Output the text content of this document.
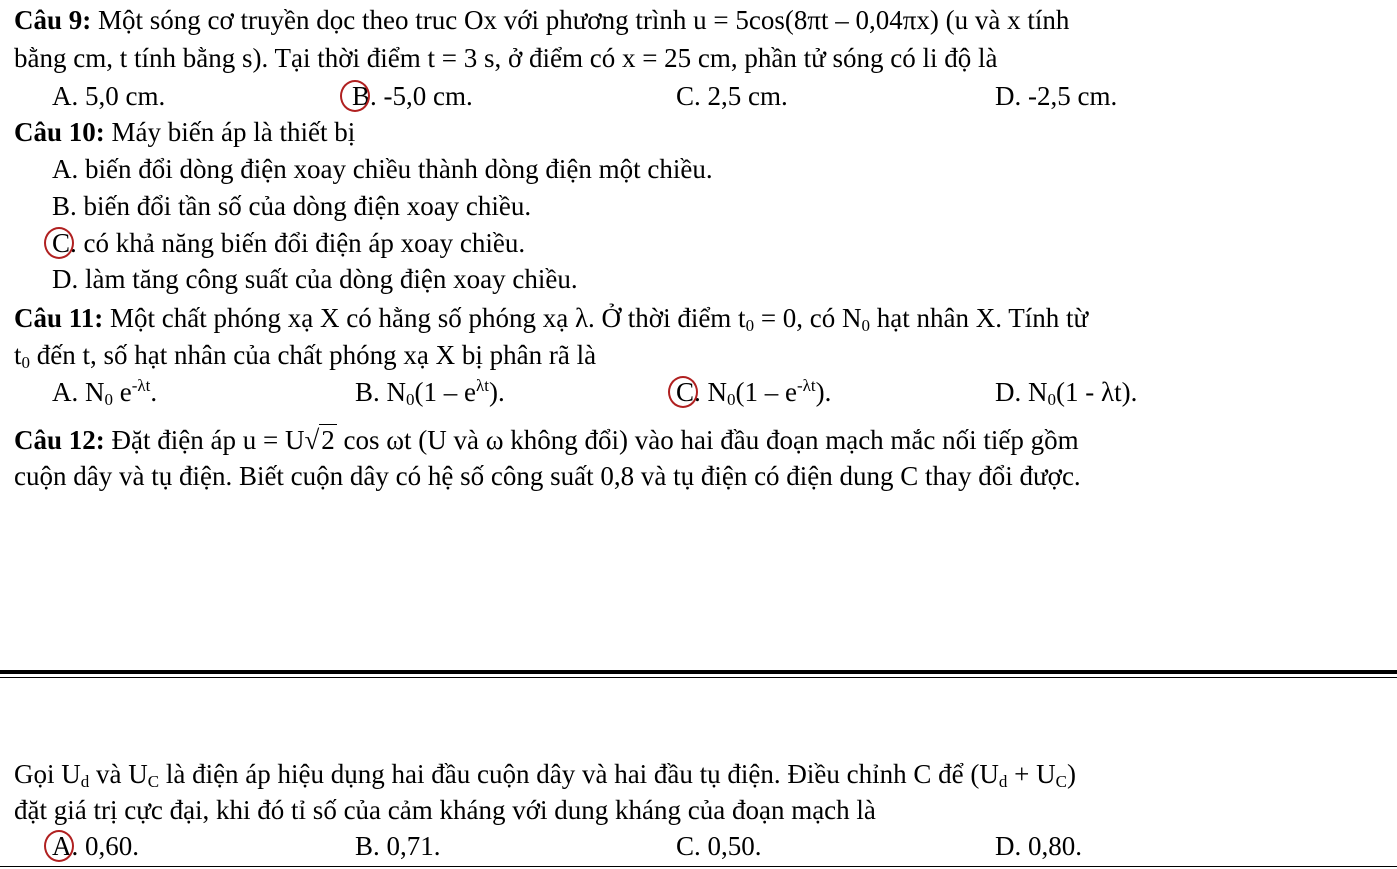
Câu 9: Một sóng cơ truyền dọc theo truc Ox với phương trình u = 5cos(8πt – 0,04πx) (u và x tính
bằng cm, t tính bằng s). Tại thời điểm t = 3 s, ở điểm có x = 25 cm, phần tử sóng có li độ là
A. 5,0 cm.	B. -5,0 cm.	C. 2,5 cm.	D. -2,5 cm.
Câu 10: Máy biến áp là thiết bị
A. biến đổi dòng điện xoay chiều thành dòng điện một chiều.
B. biến đổi tần số của dòng điện xoay chiều.
C. có khả năng biến đổi điện áp xoay chiều.
D. làm tăng công suất của dòng điện xoay chiều.
Câu 11: Một chất phóng xạ X có hằng số phóng xạ λ. Ở thời điểm $t_0 = 0$, có $N_0$ hạt nhân X. Tính từ
$t_0$ đến t, số hạt nhân của chất phóng xạ X bị phân rã là
A. $N_0$ $e^{-\lambda t}$.	B. $N_0(1 - e^{\lambda t})$.	C. $N_0(1 - e^{-\lambda t})$.	D. $N_0(1 - \lambda t)$.
Câu 12: Đặt điện áp u = U√2 cos ωt (U và ω không đổi) vào hai đầu đoạn mạch mắc nối tiếp gồm
cuộn dây và tụ điện. Biết cuộn dây có hệ số công suất 0,8 và tụ điện có điện dung C thay đổi được.
Gọi $U_d$ và $U_C$ là điện áp hiệu dụng hai đầu cuộn dây và hai đầu tụ điện. Điều chỉnh C để $(U_d + U_C)$
đặt giá trị cực đại, khi đó tỉ số của cảm kháng với dung kháng của đoạn mạch là
A. 0,60.	B. 0,71.	C. 0,50.	D. 0,80.
